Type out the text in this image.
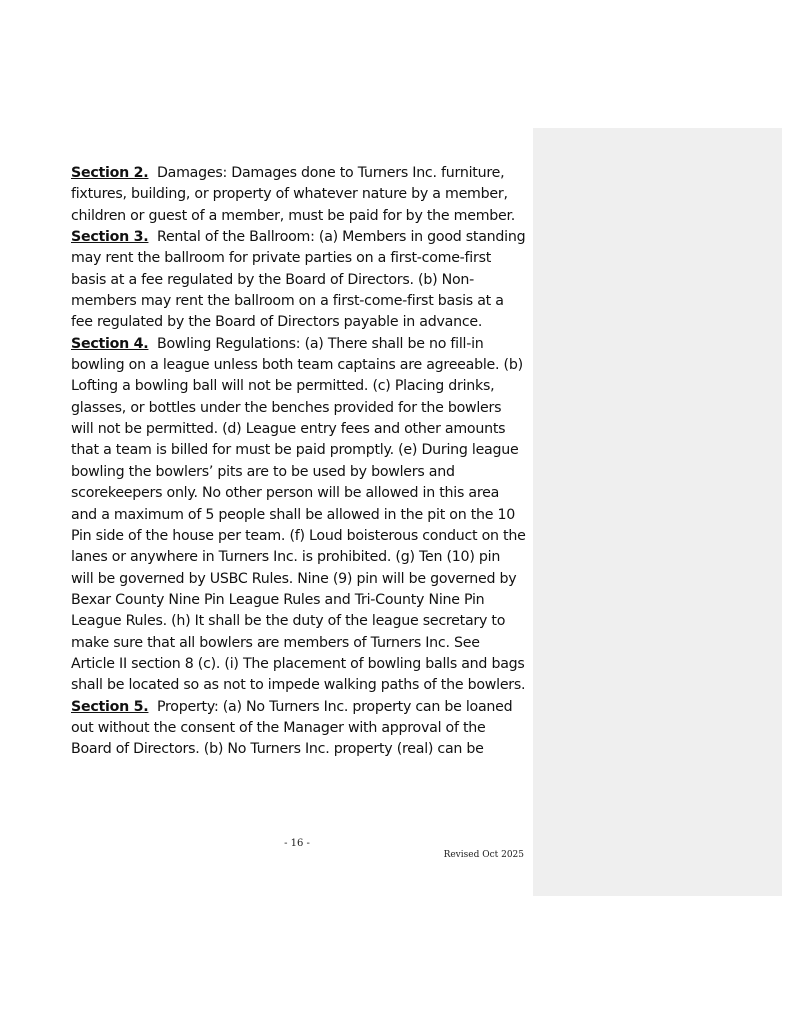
Section 2. Damages: Damages done to Turners Inc. furniture, fixtures, building, or property of whatever nature by a member, children or guest of a member, must be paid for by the member.

Section 3. Rental of the Ballroom: (a) Members in good standing may rent the ballroom for private parties on a first-come-first basis at a fee regulated by the Board of Directors. (b) Non-members may rent the ballroom on a first-come-first basis at a fee regulated by the Board of Directors payable in advance.

Section 4. Bowling Regulations: (a) There shall be no fill-in bowling on a league unless both team captains are agreeable. (b) Lofting a bowling ball will not be permitted. (c) Placing drinks, glasses, or bottles under the benches provided for the bowlers will not be permitted. (d) League entry fees and other amounts that a team is billed for must be paid promptly. (e) During league bowling the bowlers’ pits are to be used by bowlers and scorekeepers only. No other person will be allowed in this area and a maximum of 5 people shall be allowed in the pit on the 10 Pin side of the house per team. (f) Loud boisterous conduct on the lanes or anywhere in Turners Inc. is prohibited. (g) Ten (10) pin will be governed by USBC Rules. Nine (9) pin will be governed by Bexar County Nine Pin League Rules and Tri-County Nine Pin League Rules. (h) It shall be the duty of the league secretary to make sure that all bowlers are members of Turners Inc. See Article II section 8 (c). (i) The placement of bowling balls and bags shall be located so as not to impede walking paths of the bowlers.

Section 5. Property: (a) No Turners Inc. property can be loaned out without the consent of the Manager with approval of the Board of Directors. (b) No Turners Inc. property (real) can be

- 16 -
Revised Oct 2025
